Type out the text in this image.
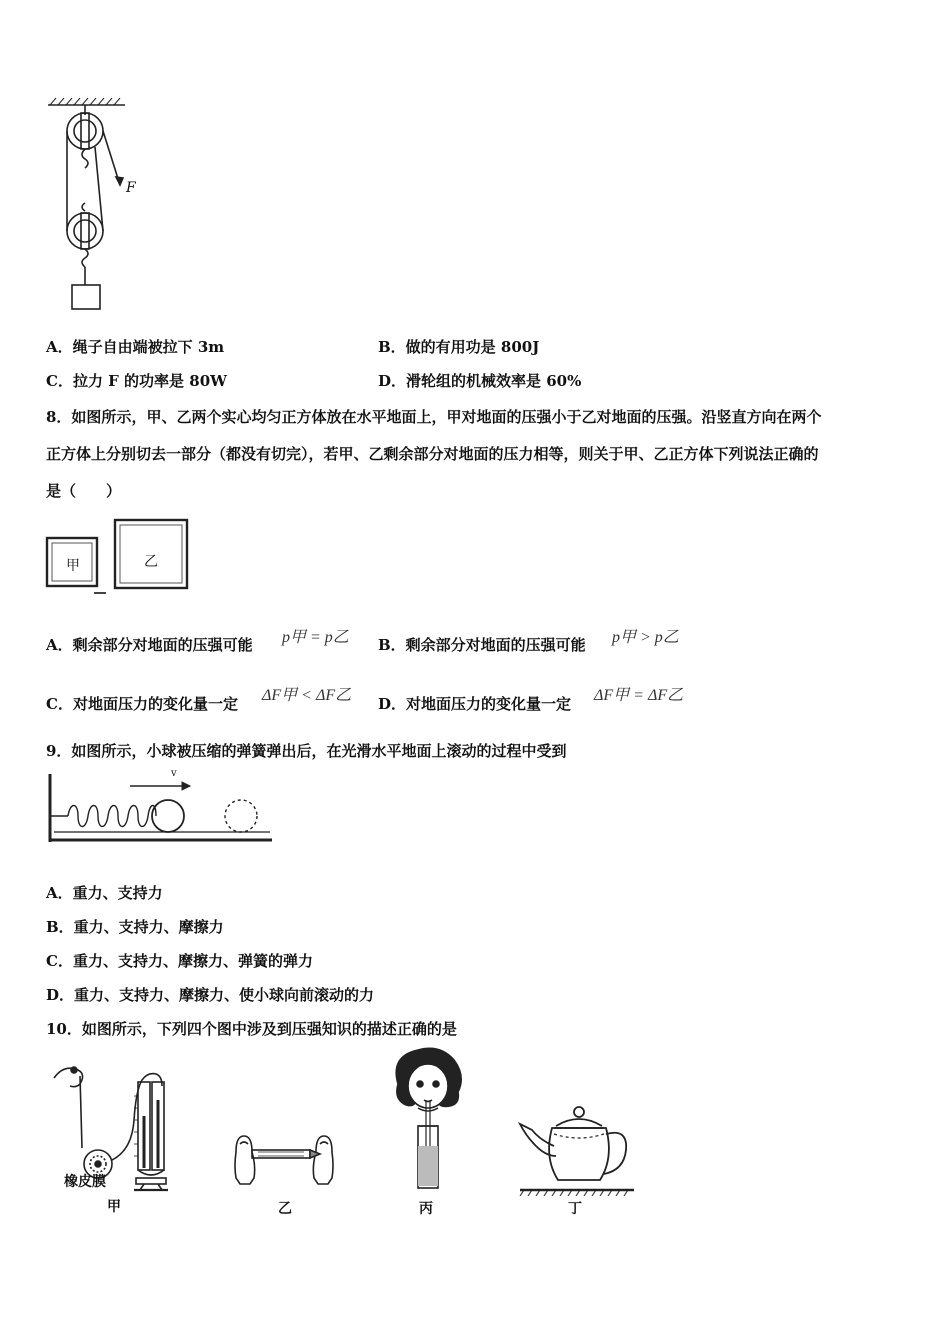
F
A．绳子自由端被拉下 3m	B．做的有用功是 800J
C．拉力 F 的功率是 80W	D．滑轮组的机械效率是 60%
8．如图所示，甲、乙两个实心均匀正方体放在水平地面上，甲对地面的压强小于乙对地面的压强。沿竖直方向在两个
正方体上分别切去一部分（都没有切完），若甲、乙剩余部分对地面的压力相等，则关于甲、乙正方体下列说法正确的
是（　　）
甲	乙
A．剩余部分对地面的压强可能 p甲 = p乙 B．剩余部分对地面的压强可能 p甲 > p乙
C．对地面压力的变化量一定 ΔF甲 < ΔF乙 D．对地面压力的变化量一定 ΔF甲 = ΔF乙
9．如图所示，小球被压缩的弹簧弹出后，在光滑水平地面上滚动的过程中受到
v
A．重力、支持力
B．重力、支持力、摩擦力
C．重力、支持力、摩擦力、弹簧的弹力
D．重力、支持力、摩擦力、使小球向前滚动的力
10．如图所示，下列四个图中涉及到压强知识的描述正确的是
橡皮膜
甲	乙	丙	丁
